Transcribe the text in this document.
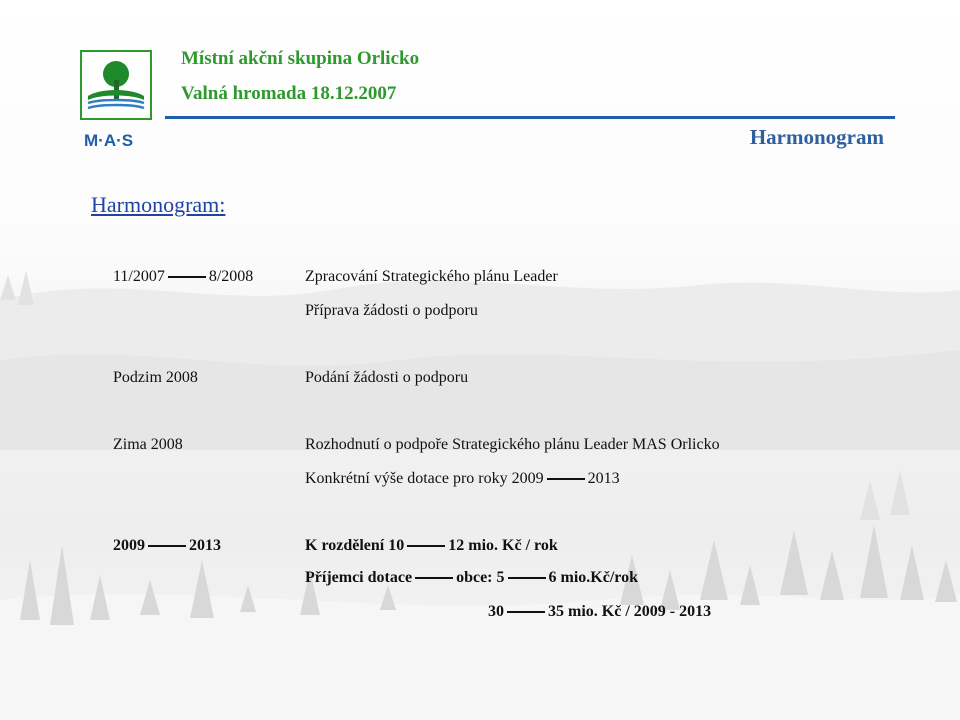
M·A·S
Místní akční skupina Orlicko
Valná hromada 18.12.2007
Harmonogram
Harmonogram:
11/2007	8/2008	Zpracování Strategického plánu Leader
Příprava žádosti o podporu
Podzim 2008	Podání žádosti o podporu
Zima 2008	Rozhodnutí o podpoře Strategického plánu Leader MAS Orlicko
Konkrétní výše dotace pro roky 2009	2013
2009	2013	K rozdělení 10	12 mio. Kč / rok
Příjemci dotace	obce: 5	6 mio.Kč/rok
30	35 mio. Kč / 2009 - 2013
